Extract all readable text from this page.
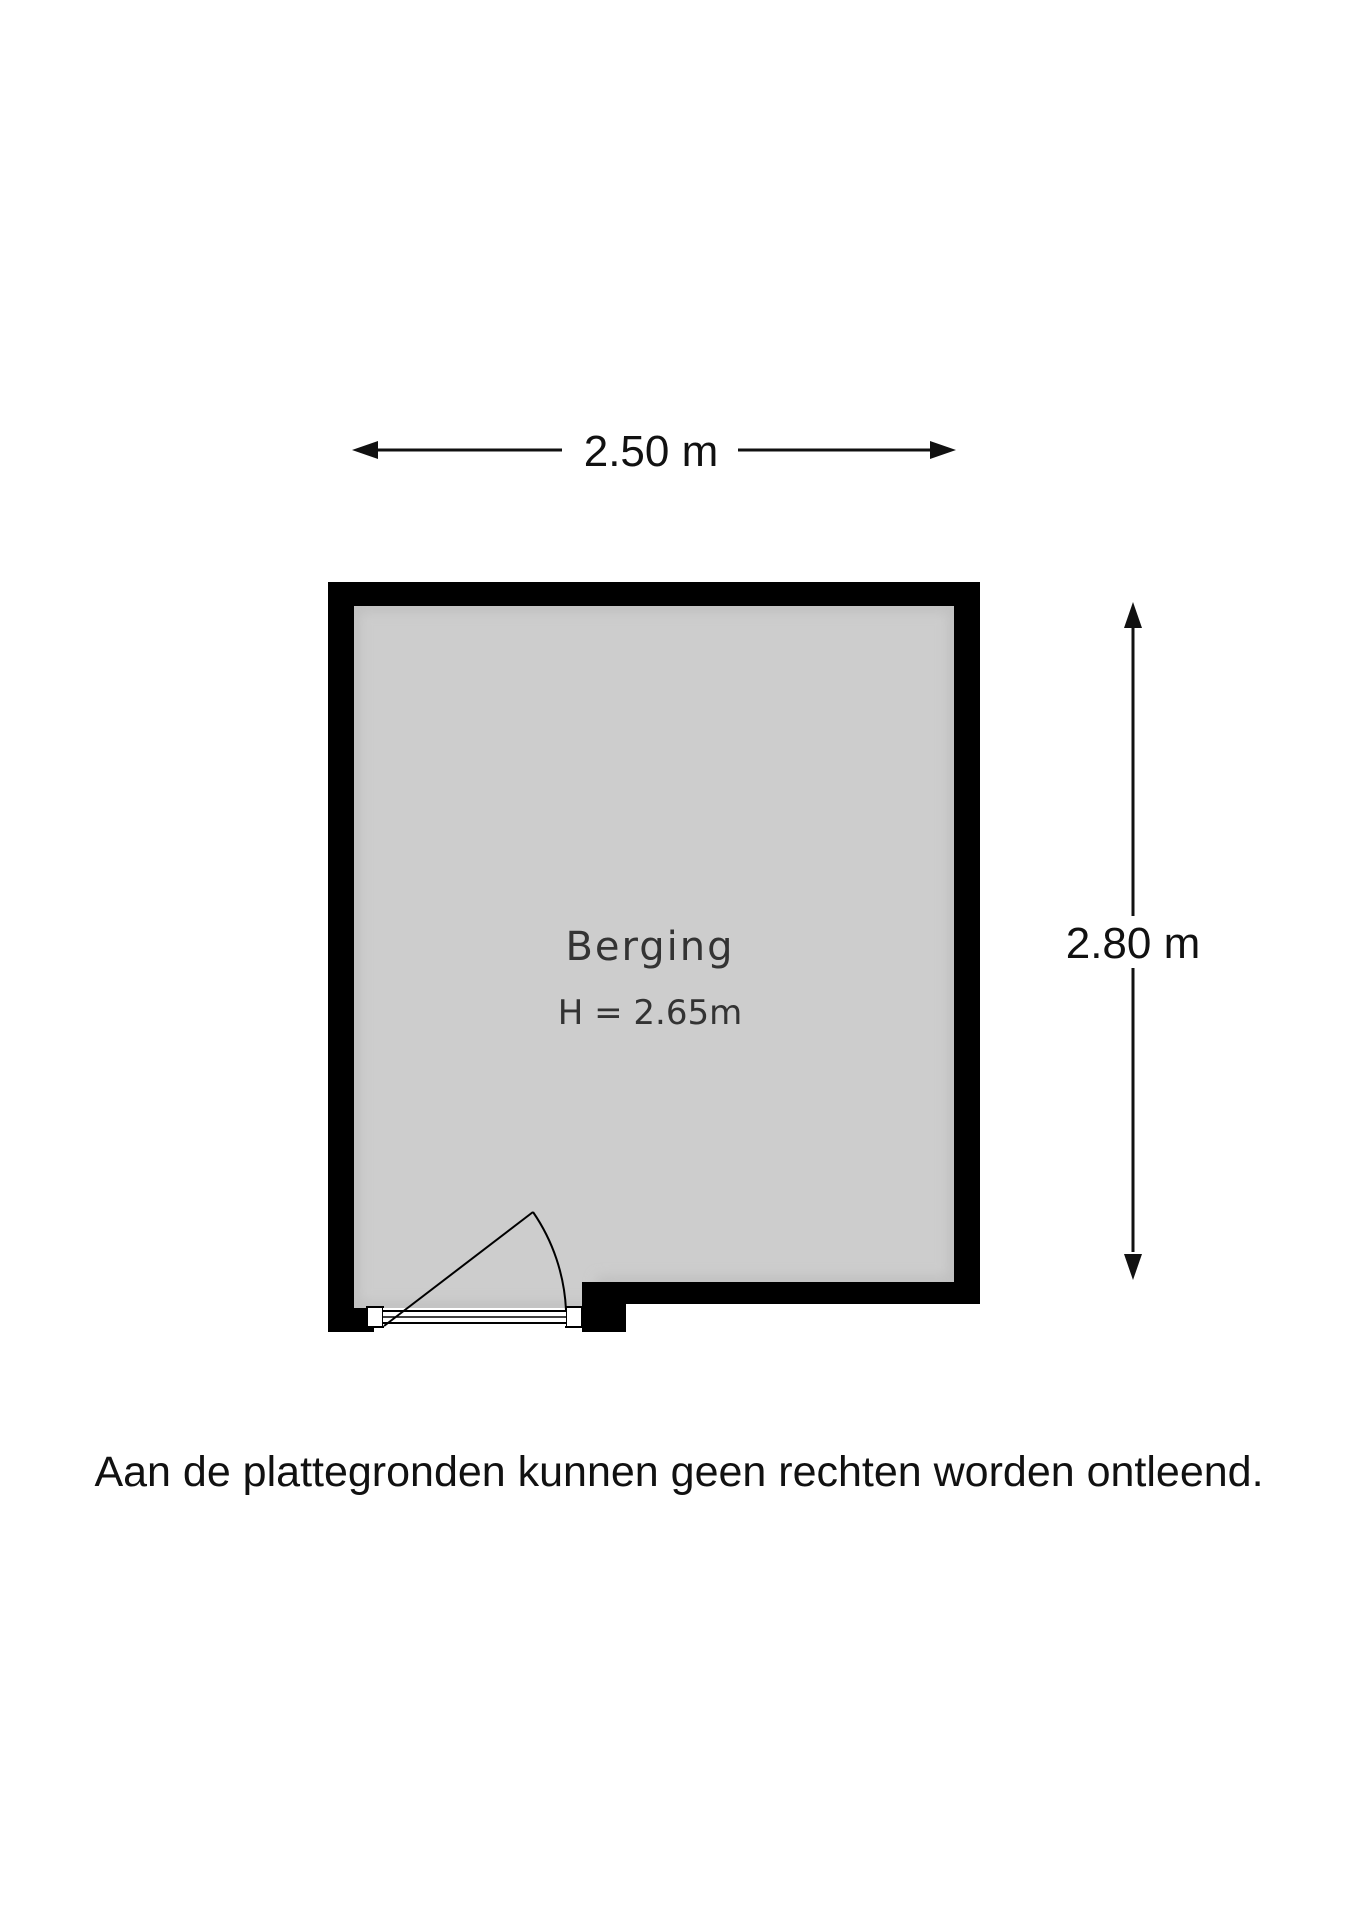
2.50 m
2.80 m
Berging
H = 2.65m
Aan de plattegronden kunnen geen rechten worden ontleend.
